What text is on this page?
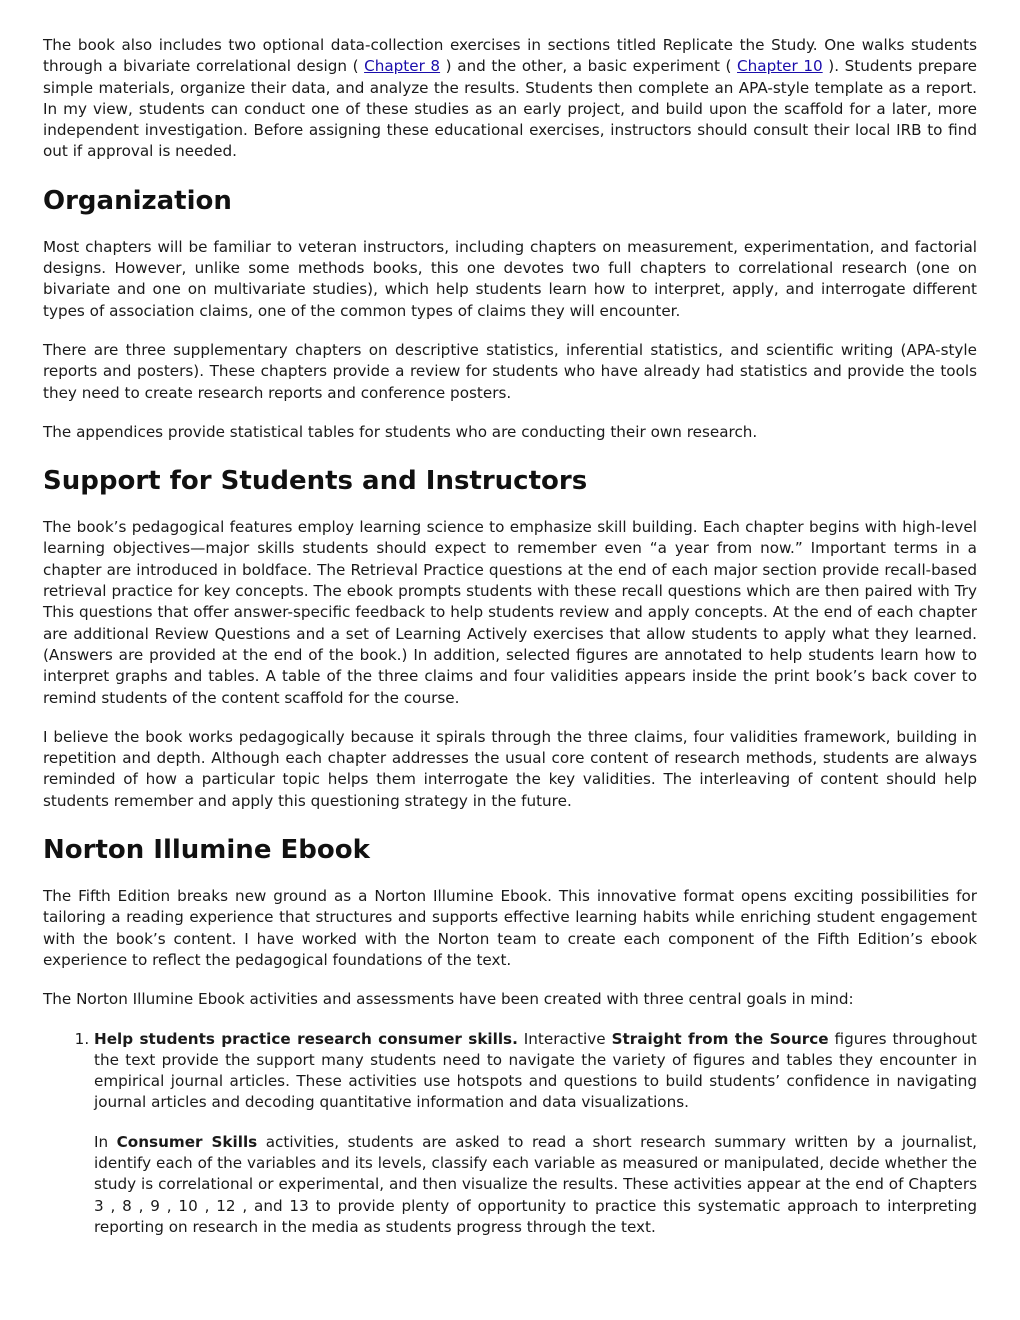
The book also includes two optional data-collection exercises in sections titled Replicate the Study. One walks students through a bivariate correlational design ( Chapter 8 ) and the other, a basic experiment ( Chapter 10 ). Students prepare simple materials, organize their data, and analyze the results. Students then complete an APA-style template as a report. In my view, students can conduct one of these studies as an early project, and build upon the scaffold for a later, more independent investigation. Before assigning these educational exercises, instructors should consult their local IRB to find out if approval is needed.

Organization

Most chapters will be familiar to veteran instructors, including chapters on measurement, experimentation, and factorial designs. However, unlike some methods books, this one devotes two full chapters to correlational research (one on bivariate and one on multivariate studies), which help students learn how to interpret, apply, and interrogate different types of association claims, one of the common types of claims they will encounter.

There are three supplementary chapters on descriptive statistics, inferential statistics, and scientific writing (APA-style reports and posters). These chapters provide a review for students who have already had statistics and provide the tools they need to create research reports and conference posters.

The appendices provide statistical tables for students who are conducting their own research.

Support for Students and Instructors

The book’s pedagogical features employ learning science to emphasize skill building. Each chapter begins with high-level learning objectives—major skills students should expect to remember even “a year from now.” Important terms in a chapter are introduced in boldface. The Retrieval Practice questions at the end of each major section provide recall-based retrieval practice for key concepts. The ebook prompts students with these recall questions which are then paired with Try This questions that offer answer-specific feedback to help students review and apply concepts. At the end of each chapter are additional Review Questions and a set of Learning Actively exercises that allow students to apply what they learned. (Answers are provided at the end of the book.) In addition, selected figures are annotated to help students learn how to interpret graphs and tables. A table of the three claims and four validities appears inside the print book’s back cover to remind students of the content scaffold for the course.

I believe the book works pedagogically because it spirals through the three claims, four validities framework, building in repetition and depth. Although each chapter addresses the usual core content of research methods, students are always reminded of how a particular topic helps them interrogate the key validities. The interleaving of content should help students remember and apply this questioning strategy in the future.

Norton Illumine Ebook

The Fifth Edition breaks new ground as a Norton Illumine Ebook. This innovative format opens exciting possibilities for tailoring a reading experience that structures and supports effective learning habits while enriching student engagement with the book’s content. I have worked with the Norton team to create each component of the Fifth Edition’s ebook experience to reflect the pedagogical foundations of the text.

The Norton Illumine Ebook activities and assessments have been created with three central goals in mind:

1. Help students practice research consumer skills. Interactive Straight from the Source figures throughout the text provide the support many students need to navigate the variety of figures and tables they encounter in empirical journal articles. These activities use hotspots and questions to build students’ confidence in navigating journal articles and decoding quantitative information and data visualizations.

In Consumer Skills activities, students are asked to read a short research summary written by a journalist, identify each of the variables and its levels, classify each variable as measured or manipulated, decide whether the study is correlational or experimental, and then visualize the results. These activities appear at the end of Chapters 3 , 8 , 9 , 10 , 12 , and 13 to provide plenty of opportunity to practice this systematic approach to interpreting reporting on research in the media as students progress through the text.
